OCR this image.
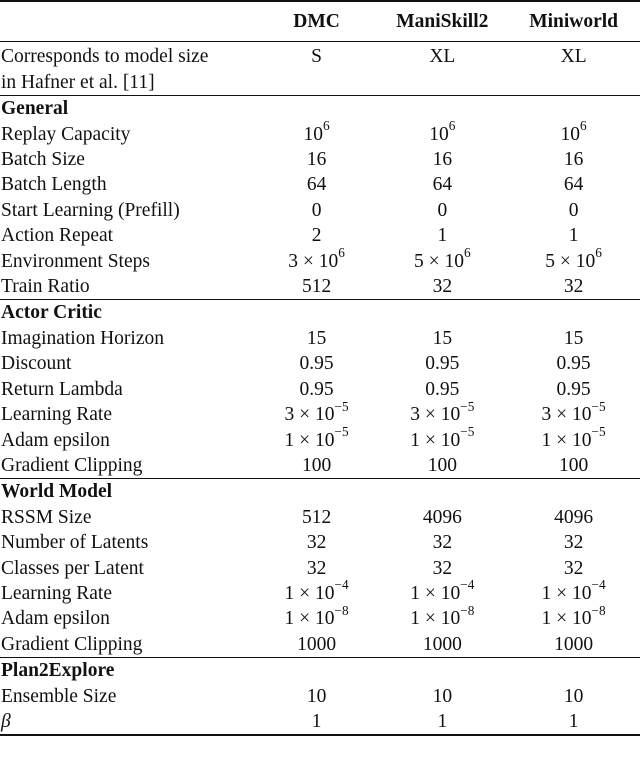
	DMC	ManiSkill2	Miniworld

Corresponds to model size
in Hafner et al. [11]	S	XL	XL
General			
Replay Capacity	$10^6$	$10^6$	$10^6$
Batch Size	16	16	16
Batch Length	64	64	64
Start Learning (Prefill)	0	0	0
Action Repeat	2	1	1
Environment Steps	$3 \times 10^6$	$5 \times 10^6$	$5 \times 10^6$
Train Ratio	512	32	32
Actor Critic			
Imagination Horizon	15	15	15
Discount	0.95	0.95	0.95
Return Lambda	0.95	0.95	0.95
Learning Rate	$3 \times 10^{-5}$	$3 \times 10^{-5}$	$3 \times 10^{-5}$
Adam epsilon	$1 \times 10^{-5}$	$1 \times 10^{-5}$	$1 \times 10^{-5}$
Gradient Clipping	100	100	100
World Model			
RSSM Size	512	4096	4096
Number of Latents	32	32	32
Classes per Latent	32	32	32
Learning Rate	$1 \times 10^{-4}$	$1 \times 10^{-4}$	$1 \times 10^{-4}$
Adam epsilon	$1 \times 10^{-8}$	$1 \times 10^{-8}$	$1 \times 10^{-8}$
Gradient Clipping	1000	1000	1000
Plan2Explore			
Ensemble Size	10	10	10
β	1	1	1
